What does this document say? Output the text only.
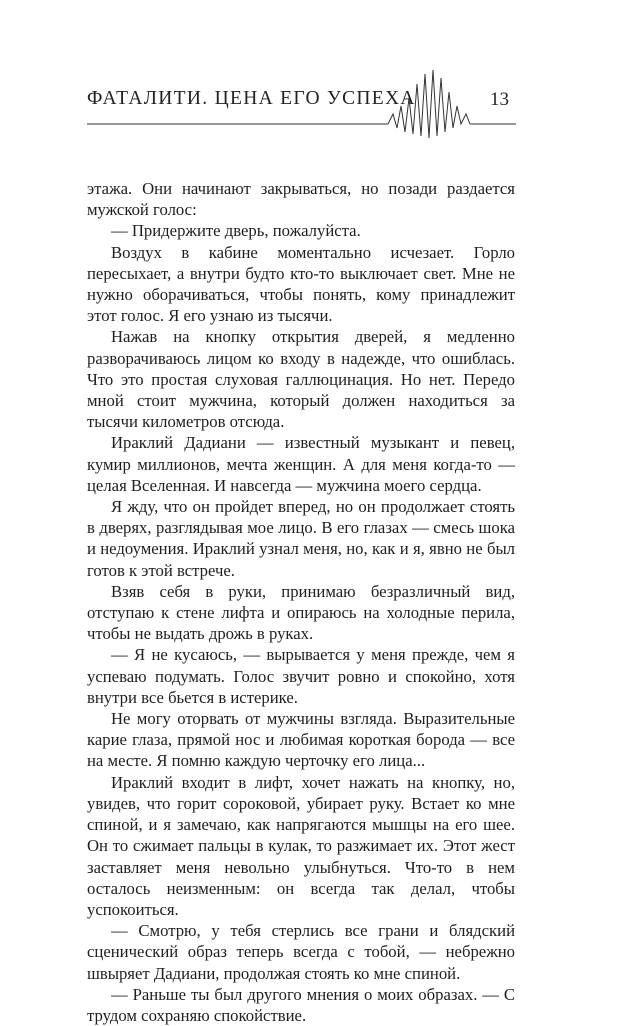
ФАТАЛИТИ. ЦЕНА ЕГО УСПЕХА	13

этажа. Они начинают закрываться, но позади раздается мужской голос:

— Придержите дверь, пожалуйста.

Воздух в кабине моментально исчезает. Горло пересыхает, а внутри будто кто-то выключает свет. Мне не нужно оборачиваться, чтобы понять, кому принадлежит этот голос. Я его узнаю из тысячи.

Нажав на кнопку открытия дверей, я медленно разворачиваюсь лицом ко входу в надежде, что ошиблась. Что это простая слуховая галлюцинация. Но нет. Передо мной стоит мужчина, который должен находиться за тысячи километров отсюда.

Ираклий Дадиани — известный музыкант и певец, кумир миллионов, мечта женщин. А для меня когда-то — целая Вселенная. И навсегда — мужчина моего сердца.

Я жду, что он пройдет вперед, но он продолжает стоять в дверях, разглядывая мое лицо. В его глазах — смесь шока и недоумения. Ираклий узнал меня, но, как и я, явно не был готов к этой встрече.

Взяв себя в руки, принимаю безразличный вид, отступаю к стене лифта и опираюсь на холодные перила, чтобы не выдать дрожь в руках.

— Я не кусаюсь, — вырывается у меня прежде, чем я успеваю подумать. Голос звучит ровно и спокойно, хотя внутри все бьется в истерике.

Не могу оторвать от мужчины взгляда. Выразительные карие глаза, прямой нос и любимая короткая борода — все на месте. Я помню каждую черточку его лица...

Ираклий входит в лифт, хочет нажать на кнопку, но, увидев, что горит сороковой, убирает руку. Встает ко мне спиной, и я замечаю, как напрягаются мышцы на его шее. Он то сжимает пальцы в кулак, то разжимает их. Этот жест заставляет меня невольно улыбнуться. Что-то в нем осталось неизменным: он всегда так делал, чтобы успокоиться.

— Смотрю, у тебя стерлись все грани и блядский сценический образ теперь всегда с тобой, — небрежно швыряет Дадиани, продолжая стоять ко мне спиной.

— Раньше ты был другого мнения о моих образах. — С трудом сохраняю спокойствие.
